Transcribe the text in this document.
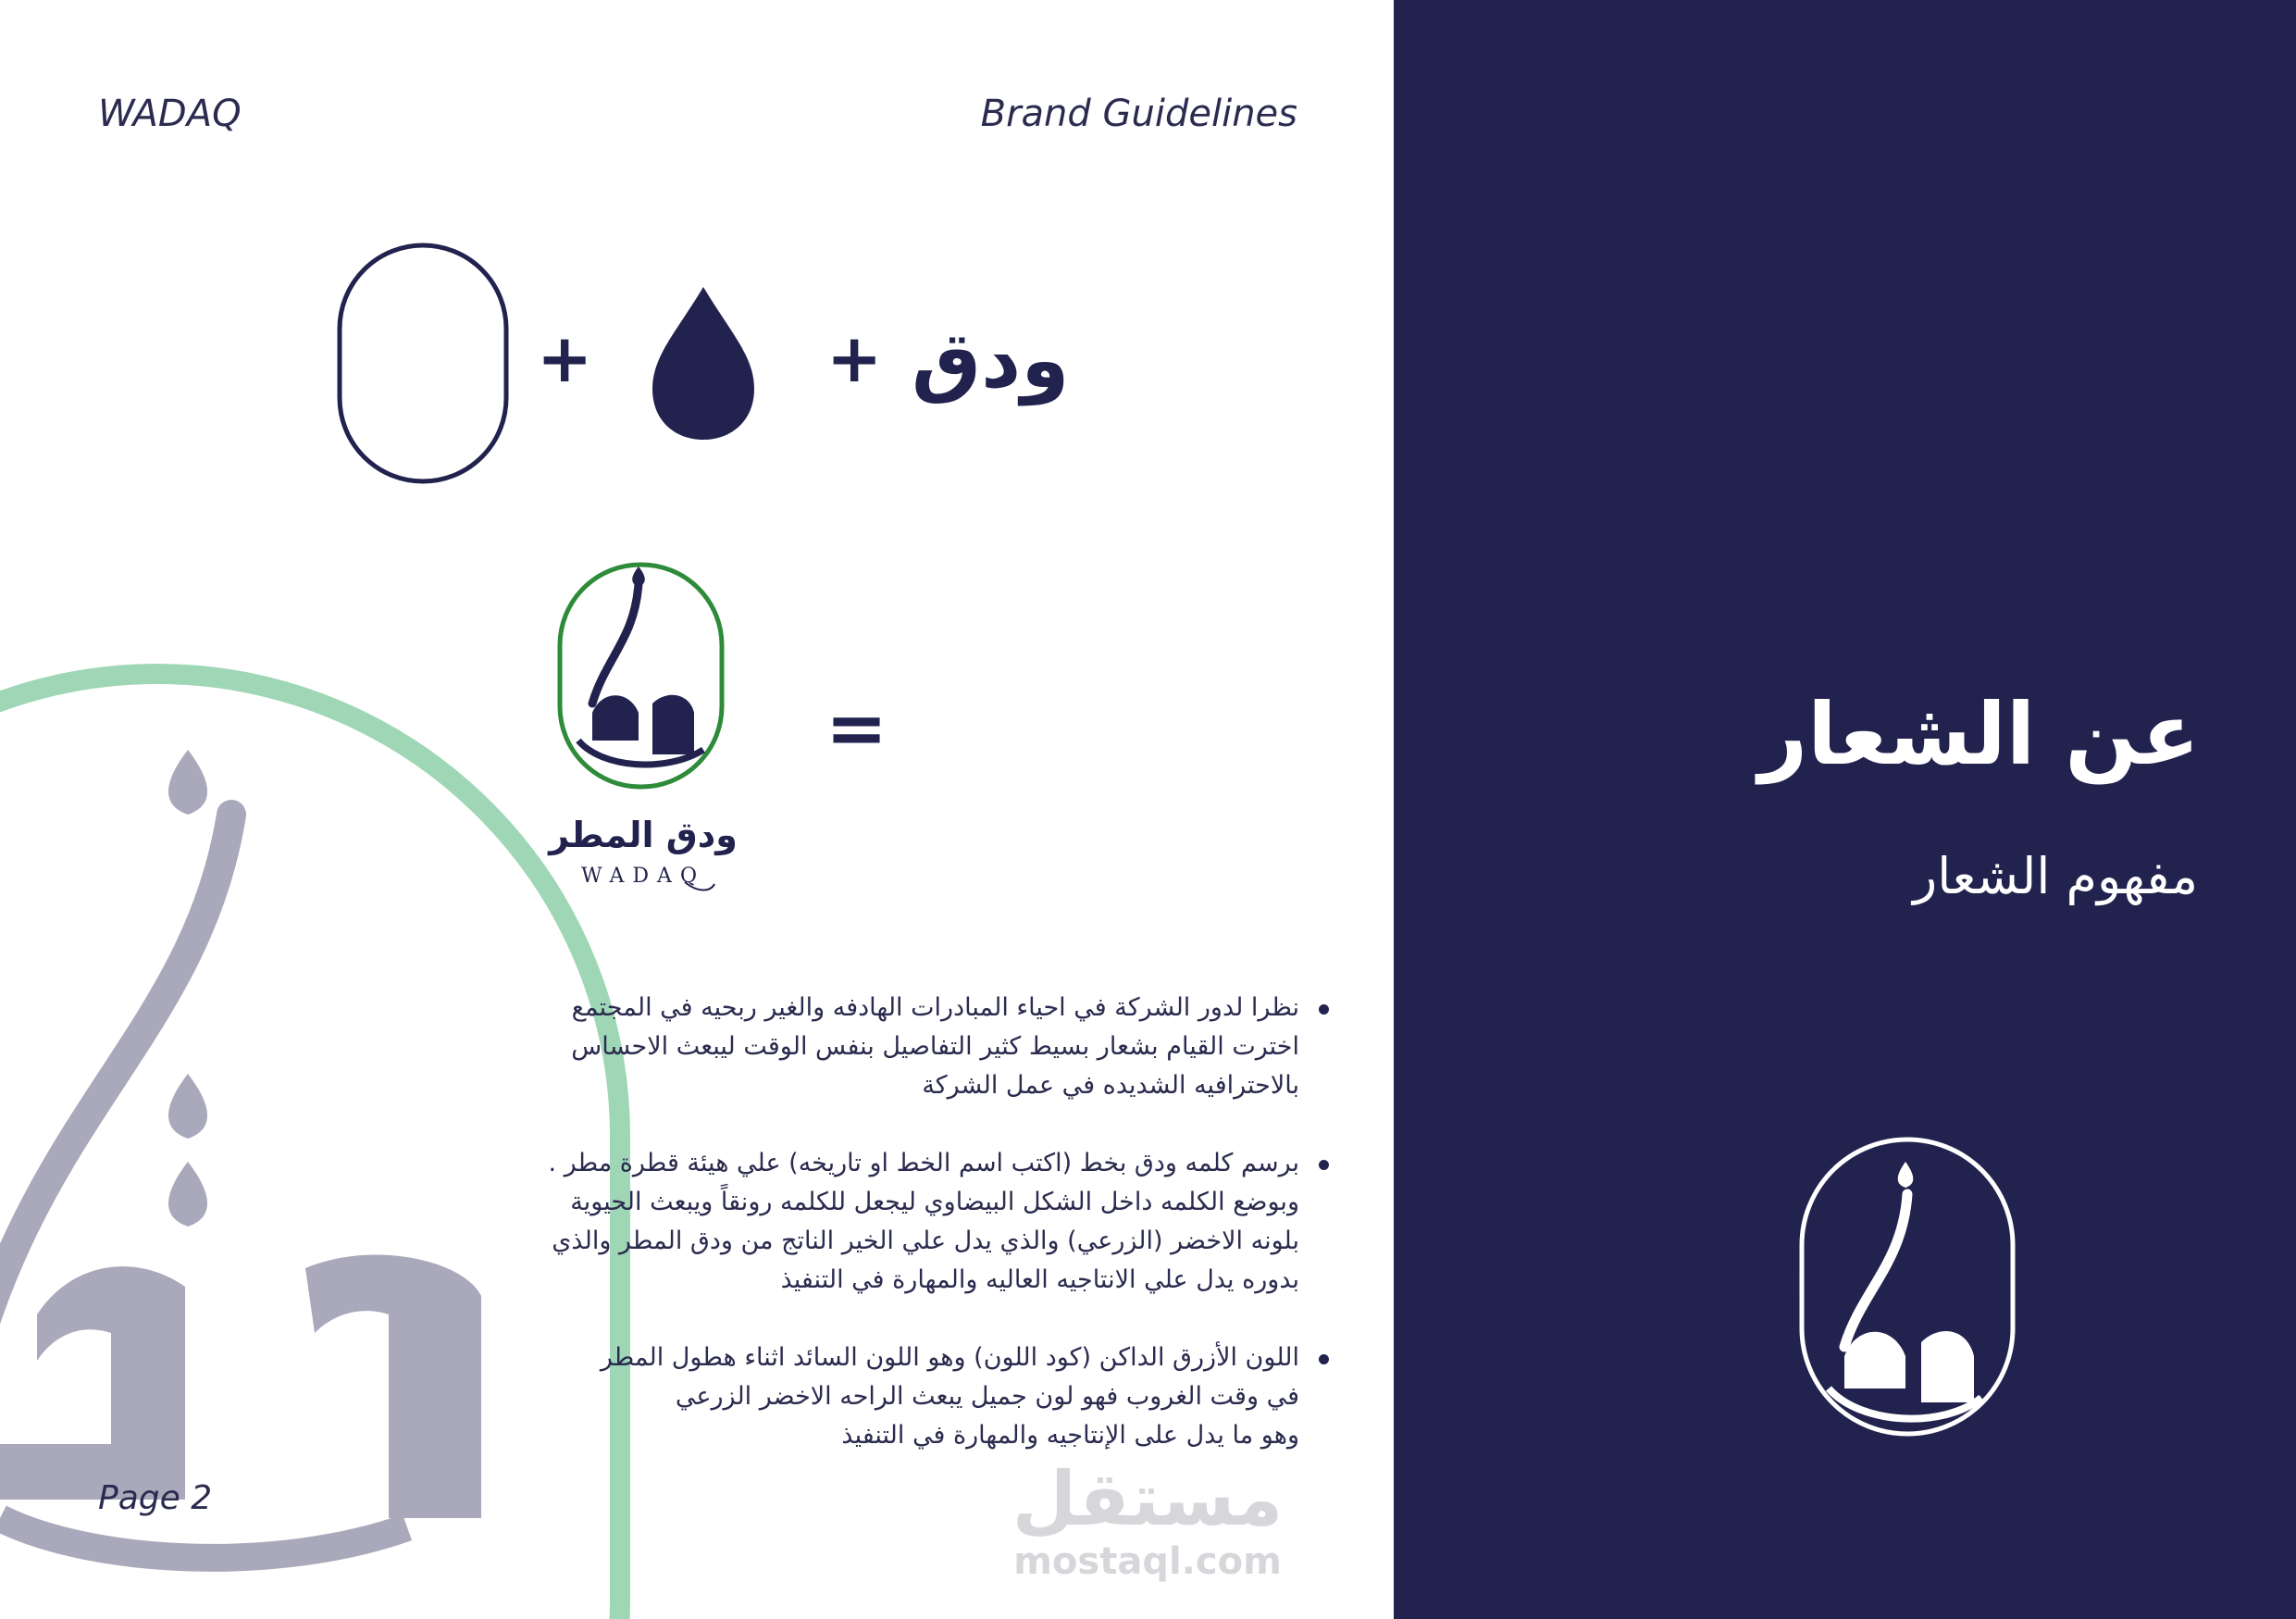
WADAQ	Brand Guidelines
ودق
+	+
=
ودق المطر
WADAQ

نظرا لدور الشركة في احياء المبادرات الهادفه والغير ربحيه في المجتمع

اخترت القيام بشعار بسيط كثير التفاصيل بنفس الوقت ليبعث الاحساس

بالاحترافيه الشديده في عمل الشركة

برسم كلمه ودق بخط (اكتب اسم الخط او تاريخه) علي هيئة قطرة مطر .

وبوضع الكلمه داخل الشكل البيضاوي ليجعل للكلمه رونقاً ويبعث الحيوية

بلونه الاخضر (الزرعي) والذي يدل علي الخير الناتج من ودق المطر والذي

بدوره يدل علي الانتاجيه العاليه والمهارة في التنفيذ

اللون الأزرق الداكن (كود اللون) وهو اللون السائد اثناء هطول المطر

في وقت الغروب فهو لون جميل يبعث الراحه الاخضر الزرعي

وهو ما يدل على الإنتاجيه والمهارة في التنفيذ

Page 2	مستقل
mostaql.com
عن الشعار
مفهوم الشعار
